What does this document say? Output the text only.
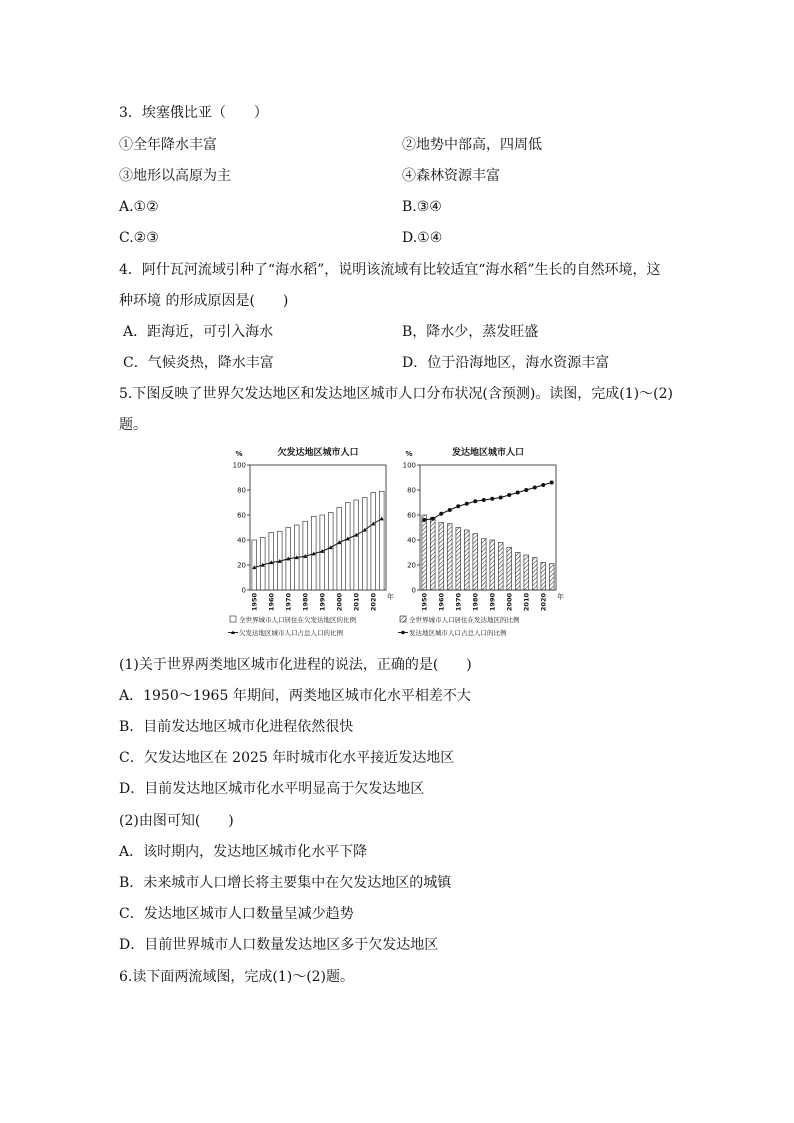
3．埃塞俄比亚（　　）
①全年降水丰富	②地势中部高，四周低
③地形以高原为主	④森林资源丰富
A.①②	B.③④
C.②③	D.①④
4．阿什瓦河流域引种了“海水稻”，说明该流域有比较适宜“海水稻”生长的自然环境，这
种环境 的形成原因是(　　)
A．距海近，可引入海水	B，降水少，蒸发旺盛
C．气候炎热，降水丰富	D．位于沿海地区，海水资源丰富
5.下图反映了世界欠发达地区和发达地区城市人口分布状况(含预测)。读图，完成(1)～(2)
题。
欠发达地区城市人口
%
0
20
40
60
80
100
1950 1960 1970 1980 1990 2000 2010 2020 年
全世界城市人口居住在欠发达地区的比例
欠发达地区城市人口占总人口的比例
发达地区城市人口
%
0
20
40
60
80
100
1950 1960 1970 1980 1990 2000 2010 2020 年
全世界城市人口居住在发达地区的比例
发达地区城市人口占总人口的比例
(1)关于世界两类地区城市化进程的说法，正确的是(　　)
A．1950～1965 年期间，两类地区城市化水平相差不大
B．目前发达地区城市化进程依然很快
C．欠发达地区在 2025 年时城市化水平接近发达地区
D．目前发达地区城市化水平明显高于欠发达地区
(2)由图可知(　　)
A．该时期内，发达地区城市化水平下降
B．未来城市人口增长将主要集中在欠发达地区的城镇
C．发达地区城市人口数量呈减少趋势
D．目前世界城市人口数量发达地区多于欠发达地区
6.读下面两流域图，完成(1)～(2)题。
